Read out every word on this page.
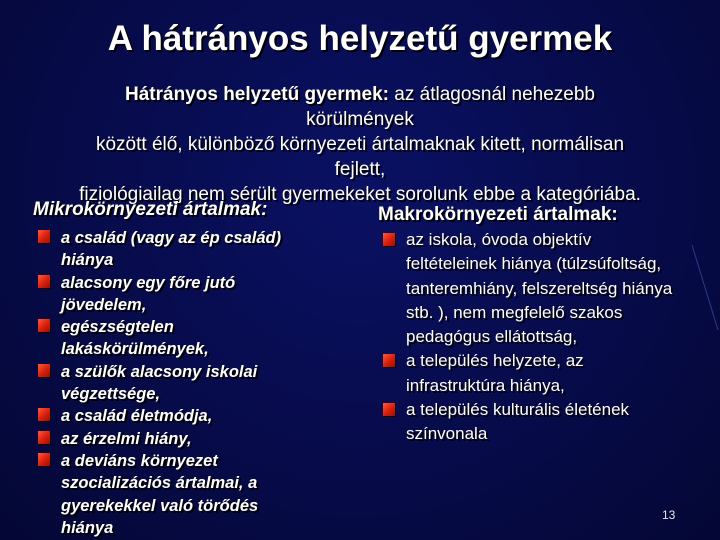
A hátrányos helyzetű gyermek

Hátrányos helyzetű gyermek: az átlagosnál nehezebb

körülmények

között élő, különböző környezeti ártalmaknak kitett, normálisan

fejlett,

fiziológiailag nem sérült gyermekeket sorolunk ebbe a kategóriába.

Mikrokörnyezeti ártalmak:
a család (vagy az ép család) hiánya
alacsony egy főre jutó jövedelem,
egészségtelen lakáskörülmények,
a szülők alacsony iskolai végzettsége,
a család életmódja,
az érzelmi hiány,
a deviáns környezet szocializációs ártalmai, a gyerekekkel való törődés hiánya
Makrokörnyezeti ártalmak:
az iskola, óvoda objektív feltételeinek hiánya (túlzsúfoltság, tanteremhiány, felszereltség hiánya stb. ), nem megfelelő szakos pedagógus ellátottság,
a település helyzete, az infrastruktúra hiánya,
a település kulturális életének színvonala
13
